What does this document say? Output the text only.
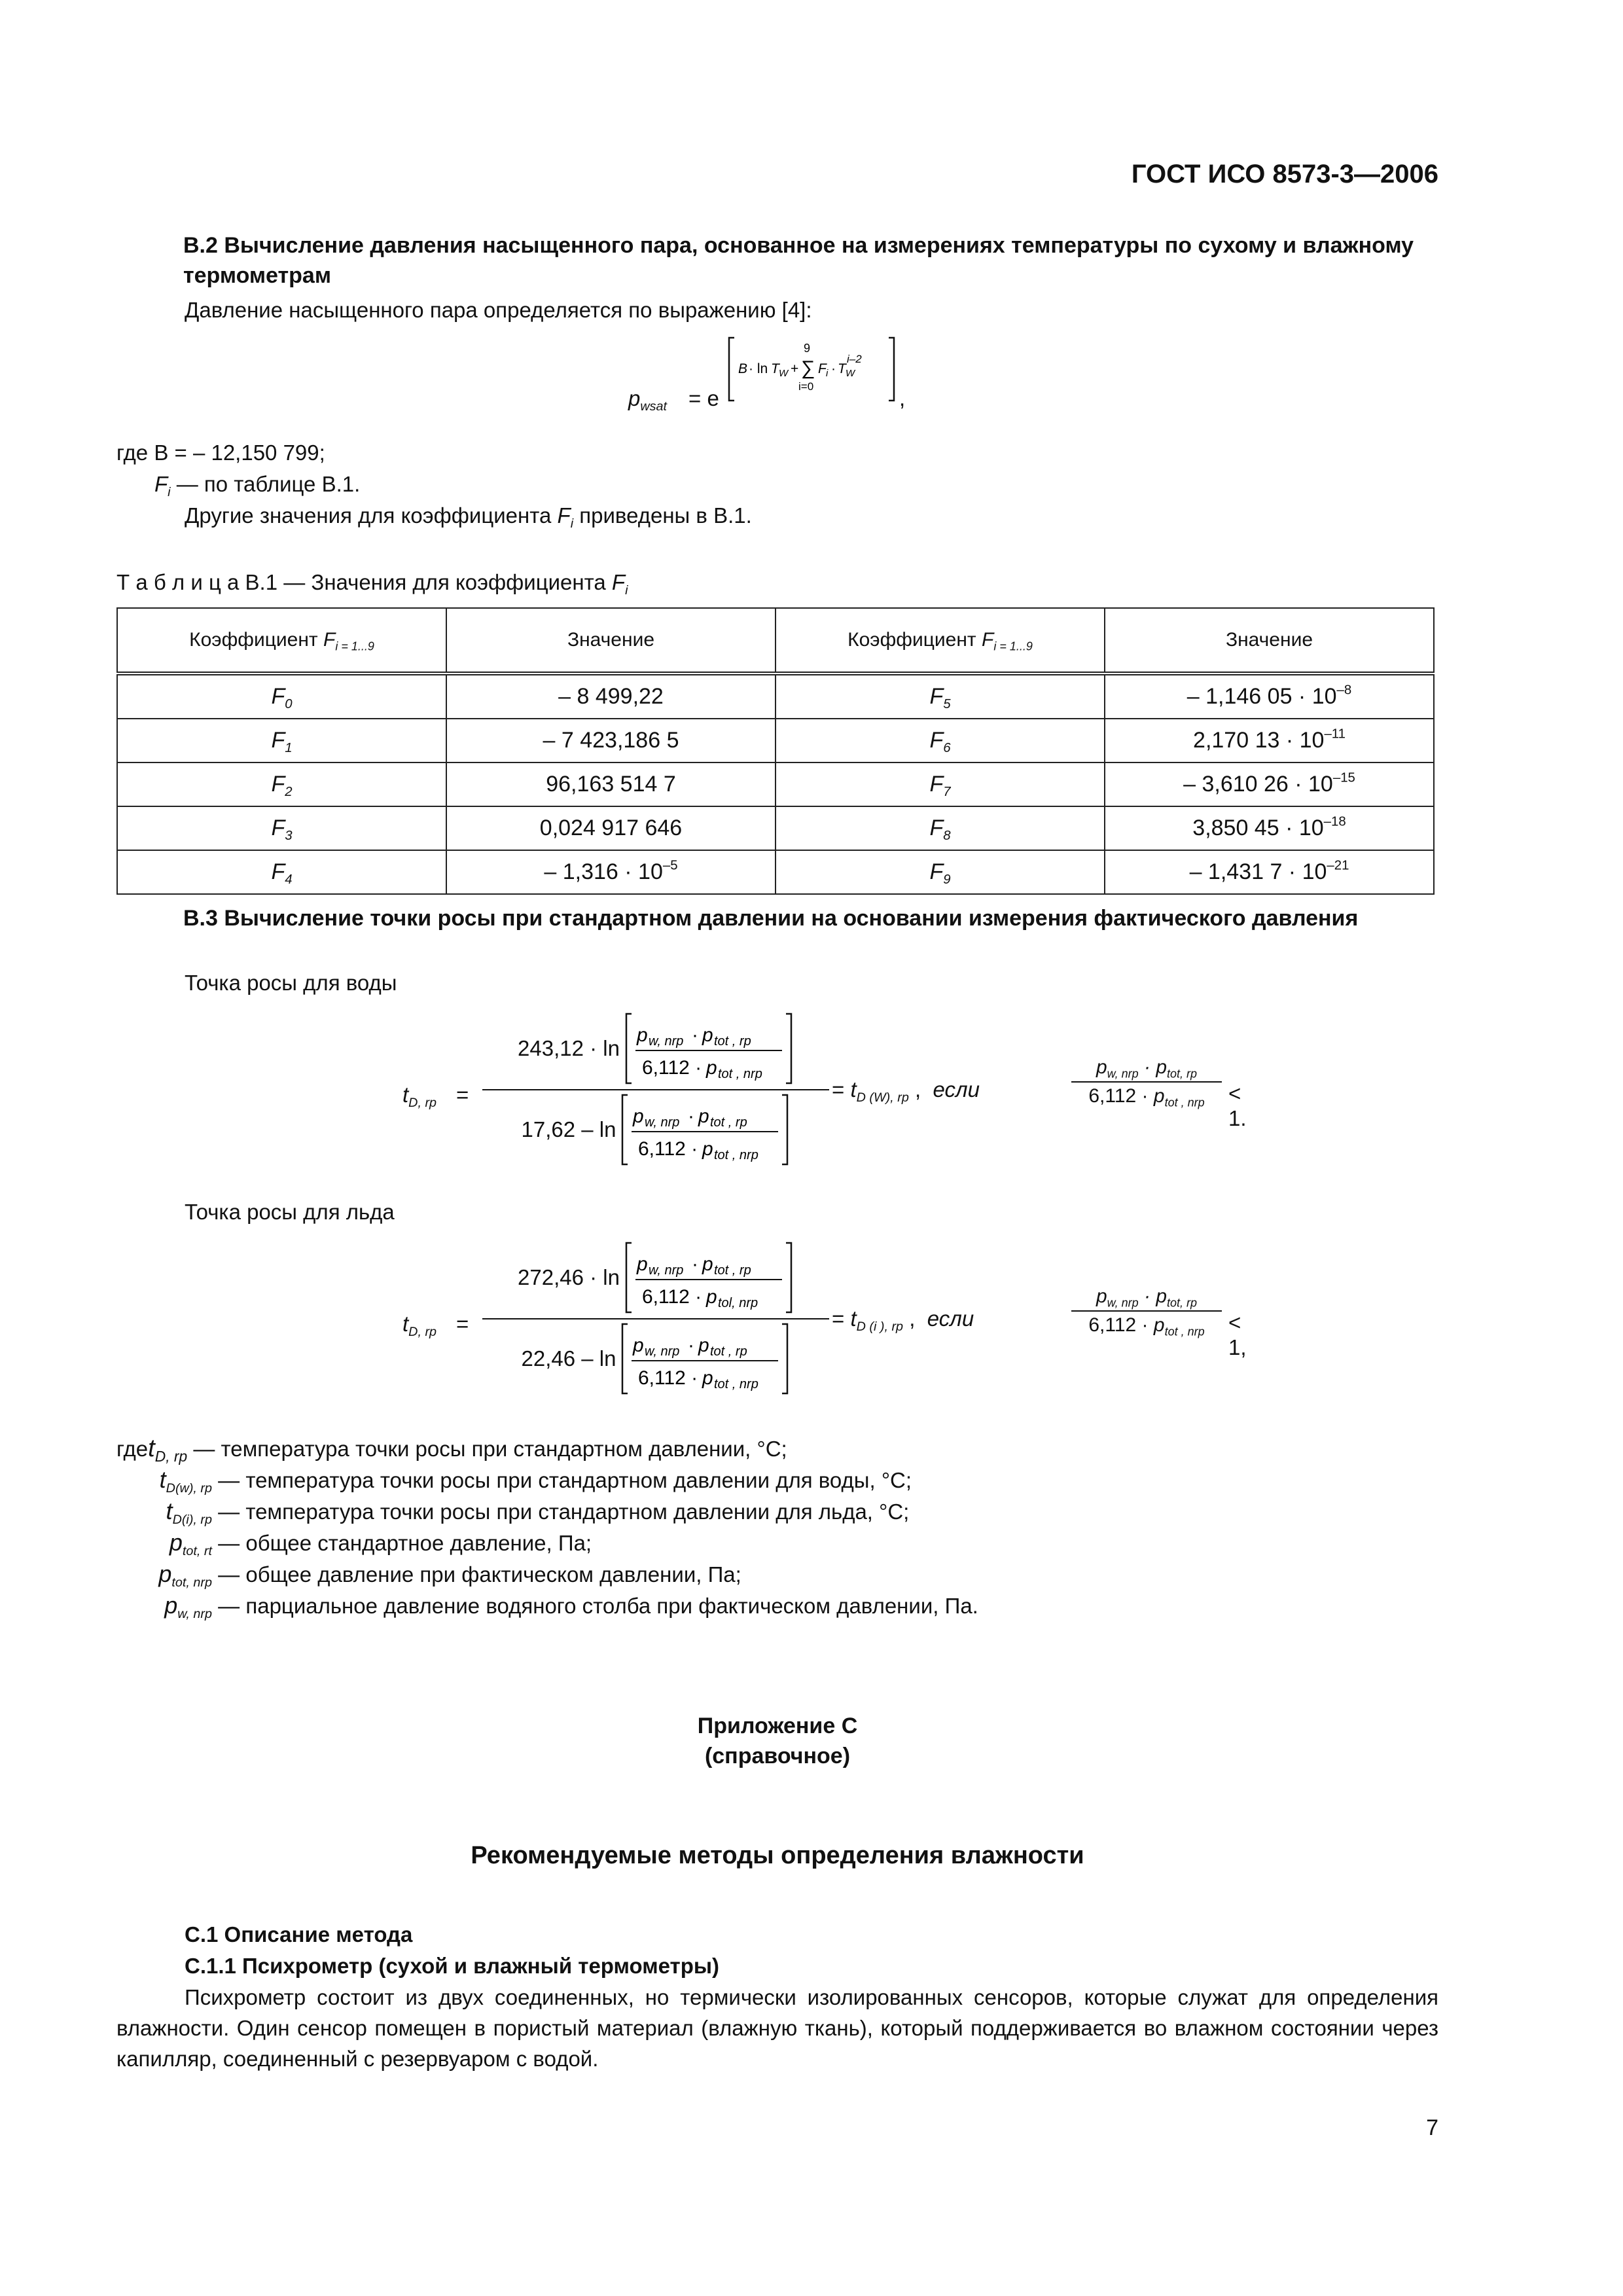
ГОСТ ИСО 8573-3—2006
В.2 Вычисление давления насыщенного пара, основанное на измерениях температуры по сухому и влажному термометрам
Давление насыщенного пара определяется по выражению [4]:
$p_{wsat} = e$
B · ln T W +
9
∑
i=0
F i · T W
i–2
,
где B = – 12,150 799;
$F_i$ — по таблице В.1.
Другие значения для коэффициента $F_i$ приведены в В.1.
Т а б л и ц а В.1 — Значения для коэффициента $F_i$
Коэффициент $F_{i = 1...9}$	Значение	Коэффициент $F_{i = 1...9}$	Значение
$F_0$	– 8 499,22	$F_5$	– 1,146 $05 \cdot 10^{-8}$
$F_1$	– 7 423,186 5	$F_6$	2,170 $13 \cdot 10^{-11}$
$F_2$	96,163 514 7	$F_7$	– 3,610 $26 \cdot 10^{-15}$
$F_3$	0,024 917 646	$F_8$	3,850 $45 \cdot 10^{-18}$
$F_4$	– $1,316 \cdot 10^{-5}$	$F_9$	– 1,431 $7 \cdot 10^{-21}$
В.3 Вычисление точки росы при стандартном давлении на основании измерения фактического давления
Точка росы для воды
$t_{D, rр}$ =
243,12 · ln
p w, nrр · p tot , rр
6,112 · p tot , nrр
17,62 – ln
p w, nrр · p tot , rр
6,112 · p tot , nrр
= $t_{D (W), rр}$ ,  если
$p_{w, nrр} \cdot p_{tot, rр}$
$6,112 \cdot p_{tot , nrр}$	< 1.
Точка росы для льда
$t_{D, rр}$ =
272,46 · ln
p w, nrр · p tot , rр
6,112 · p tol, nrр
22,46 – ln
p w, nrр · p tot , rр
6,112 · p tot , nrр
= $t_{D (i ), rр}$ ,  если
$p_{w, nrр} \cdot p_{tot, rр}$
$6,112 \cdot p_{tot , nrр}$	< 1,
где $t_{D, rр}$
— температура точки росы при стандартном давлении, °С;
$t_{D(w), rр}$
— температура точки росы при стандартном давлении для воды, °С;
$t_{D(i), rр}$
— температура точки росы при стандартном давлении для льда, °С;
$p_{tot, rt}$
— общее стандартное давление, Па;
$p_{tot, nrр}$
— общее давление при фактическом давлении, Па;
$p_{w, nrр}$
— парциальное давление водяного столба при фактическом давлении, Па.
Приложение С
(справочное)
Рекомендуемые методы определения влажности
С.1 Описание метода
С.1.1 Психрометр (сухой и влажный термометры)
Психрометр состоит из двух соединенных, но термически изолированных сенсоров, которые служат для определения влажности. Один сенсор помещен в пористый материал (влажную ткань), который поддерживается во влажном состоянии через капилляр, соединенный с резервуаром с водой.
7
